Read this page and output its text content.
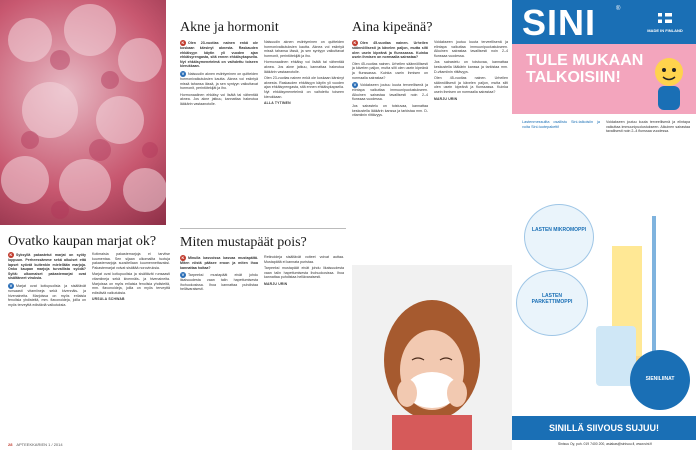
Ovatko kaupan marjat ok?

K Syksyllä pakastetut marjat on syöty loppuun. Perheessämme sekä aikuiset että lapset syövät kuitenkin mielellään marjoja. Onko kaupan marjoja turvallista syödä? Syitä: ulkomaiset pakastemarjat ovat sisältäneet viruksia.

V Marjat ovat kotiupuolisia ja sisältävät runsaasti vitamiineja sekä kivennäis- ja hivenaineita. Marjoissa on myös erilaisia fenolisia yhdisteitä, mm. flavonoideja, joilla on myös terveyttä edistäviä vaikutuksia.

Kotimaisia pakastemarjoja ei tarvitse kuumentaa. Sen sijaan ulkomailta tuotuja pakastemarjoja suositellaan kuumennettavaksi. Pakastemarjat voivat sisältää noroviruksia.

Marjat ovat kotiupuolisia ja sisältävät runsaasti vitamiineja sekä kivennäis- ja hivenaineita. Marjoissa on myös erilaisia fenolisia yhdisteitä, mm. flavonoideja, joilla on myös terveyttä edistäviä vaikutuksia.

URSULA SCHWAB
Akne ja hormonit

K Olen 23-vuotias nainen enkä ole koskaan kärsinyt aknesta. Raskauden ehkäisyyn käytin yli vuoden ajan ehkäisyrengasta, sitä ennen ehkäisykapselia. Nyt ehkäisymenetelmä on vaihdettu toiseen kierukkaan.

V Naisuudin aknen esiintyminen on quitteiden hormonivaikutuksien kautta. Aknea voi esiintyä missä tahansa iässä, ja sen syntyyn vaikuttavat hormonit, perintötekijät ja iho.

Hormonaalinen ehkäisy voi lisätä tai vähentää aknea. Jos akne jatkuu, kannattaa hakeutua lääkärin vastaanotolle.

Naisuudin aknen esiintyminen on quitteiden hormonivaikutuksien kautta. Aknea voi esiintyä missä tahansa iässä, ja sen syntyyn vaikuttavat hormonit, perintötekijät ja iho.

Hormonaalinen ehkäisy voi lisätä tai vähentää aknea. Jos akne jatkuu, kannattaa hakeutua lääkärin vastaanotolle.

Olen 23-vuotias nainen enkä ole koskaan kärsinyt aknesta. Raskauden ehkäisyyn käytin yli vuoden ajan ehkäisyrengasta, sitä ennen ehkäisykapselia. Nyt ehkäisymenetelmä on vaihdettu toiseen kierukkaan.

ALLA TYTINEN
Miten mustapäät pois?

K Minulla kasvoissa kasvaa mustapäitä. Miten niistä pääsee eroon ja miten ihoa kannattaa hoitaa?

V Tarpeeksi mustapäät eivät johdu likaisuudesta vaan talin hapettumisesta ihohuokosissa. Ihoa kannattaa puhdistaa hellävaraisesti.

Retinoideja sisältävät voiteet voivat auttaa. Mustapäitä ei kannata puristaa.

Tarpeeksi mustapäät eivät johdu likaisuudesta vaan talin hapettumisesta ihohuokosissa. Ihoa kannattaa puhdistaa hellävaraisesti.

MARJU URIN
Aina kipeänä?

K Olen 45-vuotias nainen. Urheilen säännöllisesti ja kävelen paljon, mutta silti olen usein kipeänä ja flunssassa. Kuinka usein ihmisen on normaalia sairastaa?

Olen 45-vuotias nainen. Urheilen säännöllisesti ja kävelen paljon, mutta silti olen usein kipeänä ja flunssassa. Kuinka usein ihmisen on normaalia sairastaa?

V Voidakseen joutuu kuuta terveellisenä ja elintapa vaikuttaa immuunipuolustukseen. Aikuinen sairastaa tavallisesti noin 2–4 flunssaa vuodessa.

Jos sairastelu on toistuvaa, kannattaa keskustella lääkärin kanssa ja tarkistaa mm. D-vitamiinin riittävyys.

Voidakseen joutuu kuuta terveellisenä ja elintapa vaikuttaa immuunipuolustukseen. Aikuinen sairastaa tavallisesti noin 2–4 flunssaa vuodessa.

Jos sairastelu on toistuvaa, kannattaa keskustella lääkärin kanssa ja tarkistaa mm. D-vitamiinin riittävyys.

Olen 45-vuotias nainen. Urheilen säännöllisesti ja kävelen paljon, mutta silti olen usein kipeänä ja flunssassa. Kuinka usein ihmisen on normaalia sairastaa?

MARJU URIN
SINI	®
MADE IN FINLAND
TULE MUKAAN
TALKOISIIN!
Lastenmessuilta osallistu Sini-talkoisiin ja voita Sini-tuotepaketti!
Voidakseen joutuu kuuta terveellisenä ja elintapa vaikuttaa immuunipuolustukseen. Aikuinen sairastaa tavallisesti noin 2–4 flunssaa vuodessa.
LASTEN MIKROMOPPI
LASTEN PARKETTIMOPPI
SIENILIINAT
SINILLÄ SIIVOUS SUJUU!
Sinisuu Oy, puh. 019 7400 200, asiakas@sinisuu.fi, www.sini.fi
28 APTEEKKARIEN 1 / 2014
